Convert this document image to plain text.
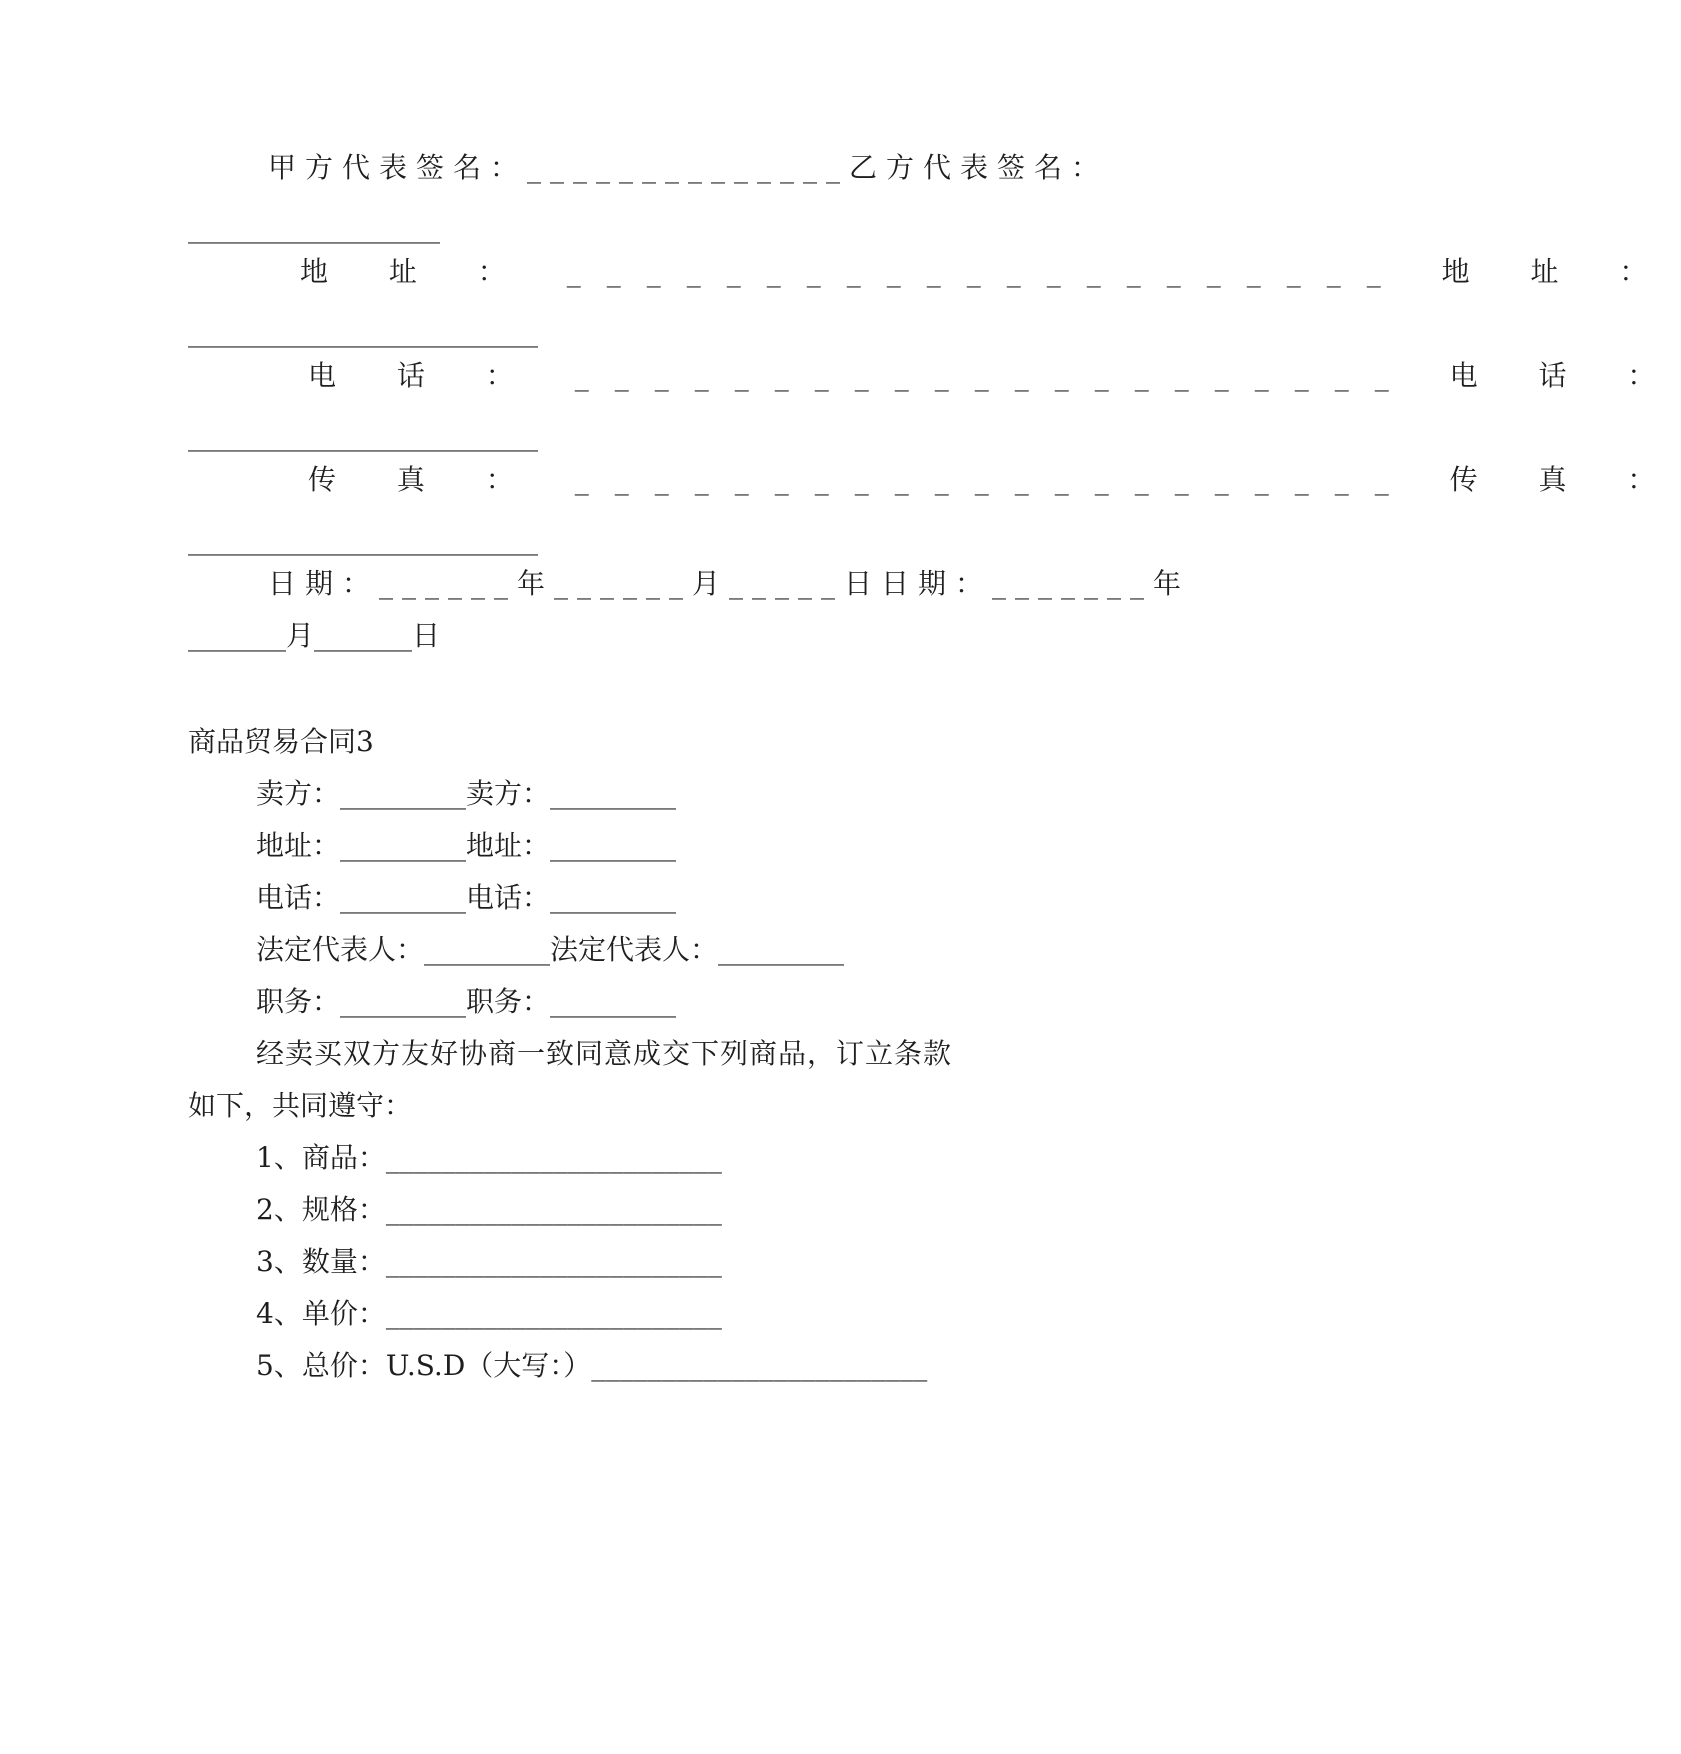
甲方代表签名：______________乙方代表签名：
__________________
地 址 ： _____________________ 地 址 ：
_________________________
电 话 ： _____________________ 电 话 ：
_________________________
传 真 ： _____________________ 传 真 ：
_________________________
日期：______年______月_____日日期：_______年
_______月_______日
商品贸易合同3
卖方：_________卖方：_________
地址：_________地址：_________
电话：_________电话：_________
法定代表人：_________法定代表人：_________
职务：_________职务：_________
经卖买双方友好协商一致同意成交下列商品，订立条款
如下，共同遵守：
1、商品：________________________
2、规格：________________________
3、数量：________________________
4、单价：________________________
5、总价：U.S.D（大写：）________________________
